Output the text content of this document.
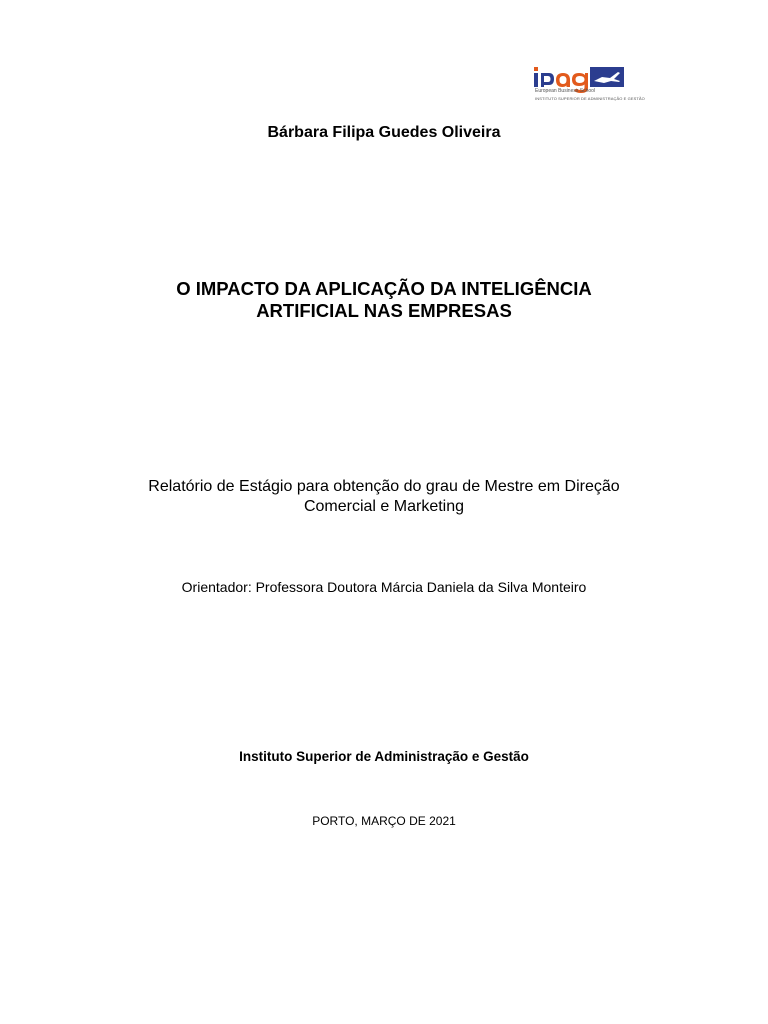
European Business School
INSTITUTO SUPERIOR DE ADMINISTRAÇÃO E GESTÃO
Bárbara Filipa Guedes Oliveira
O IMPACTO DA APLICAÇÃO DA INTELIGÊNCIA
ARTIFICIAL NAS EMPRESAS
Relatório de Estágio para obtenção do grau de Mestre em Direção
Comercial e Marketing
Orientador: Professora Doutora Márcia Daniela da Silva Monteiro
Instituto Superior de Administração e Gestão
PORTO, MARÇO DE 2021
